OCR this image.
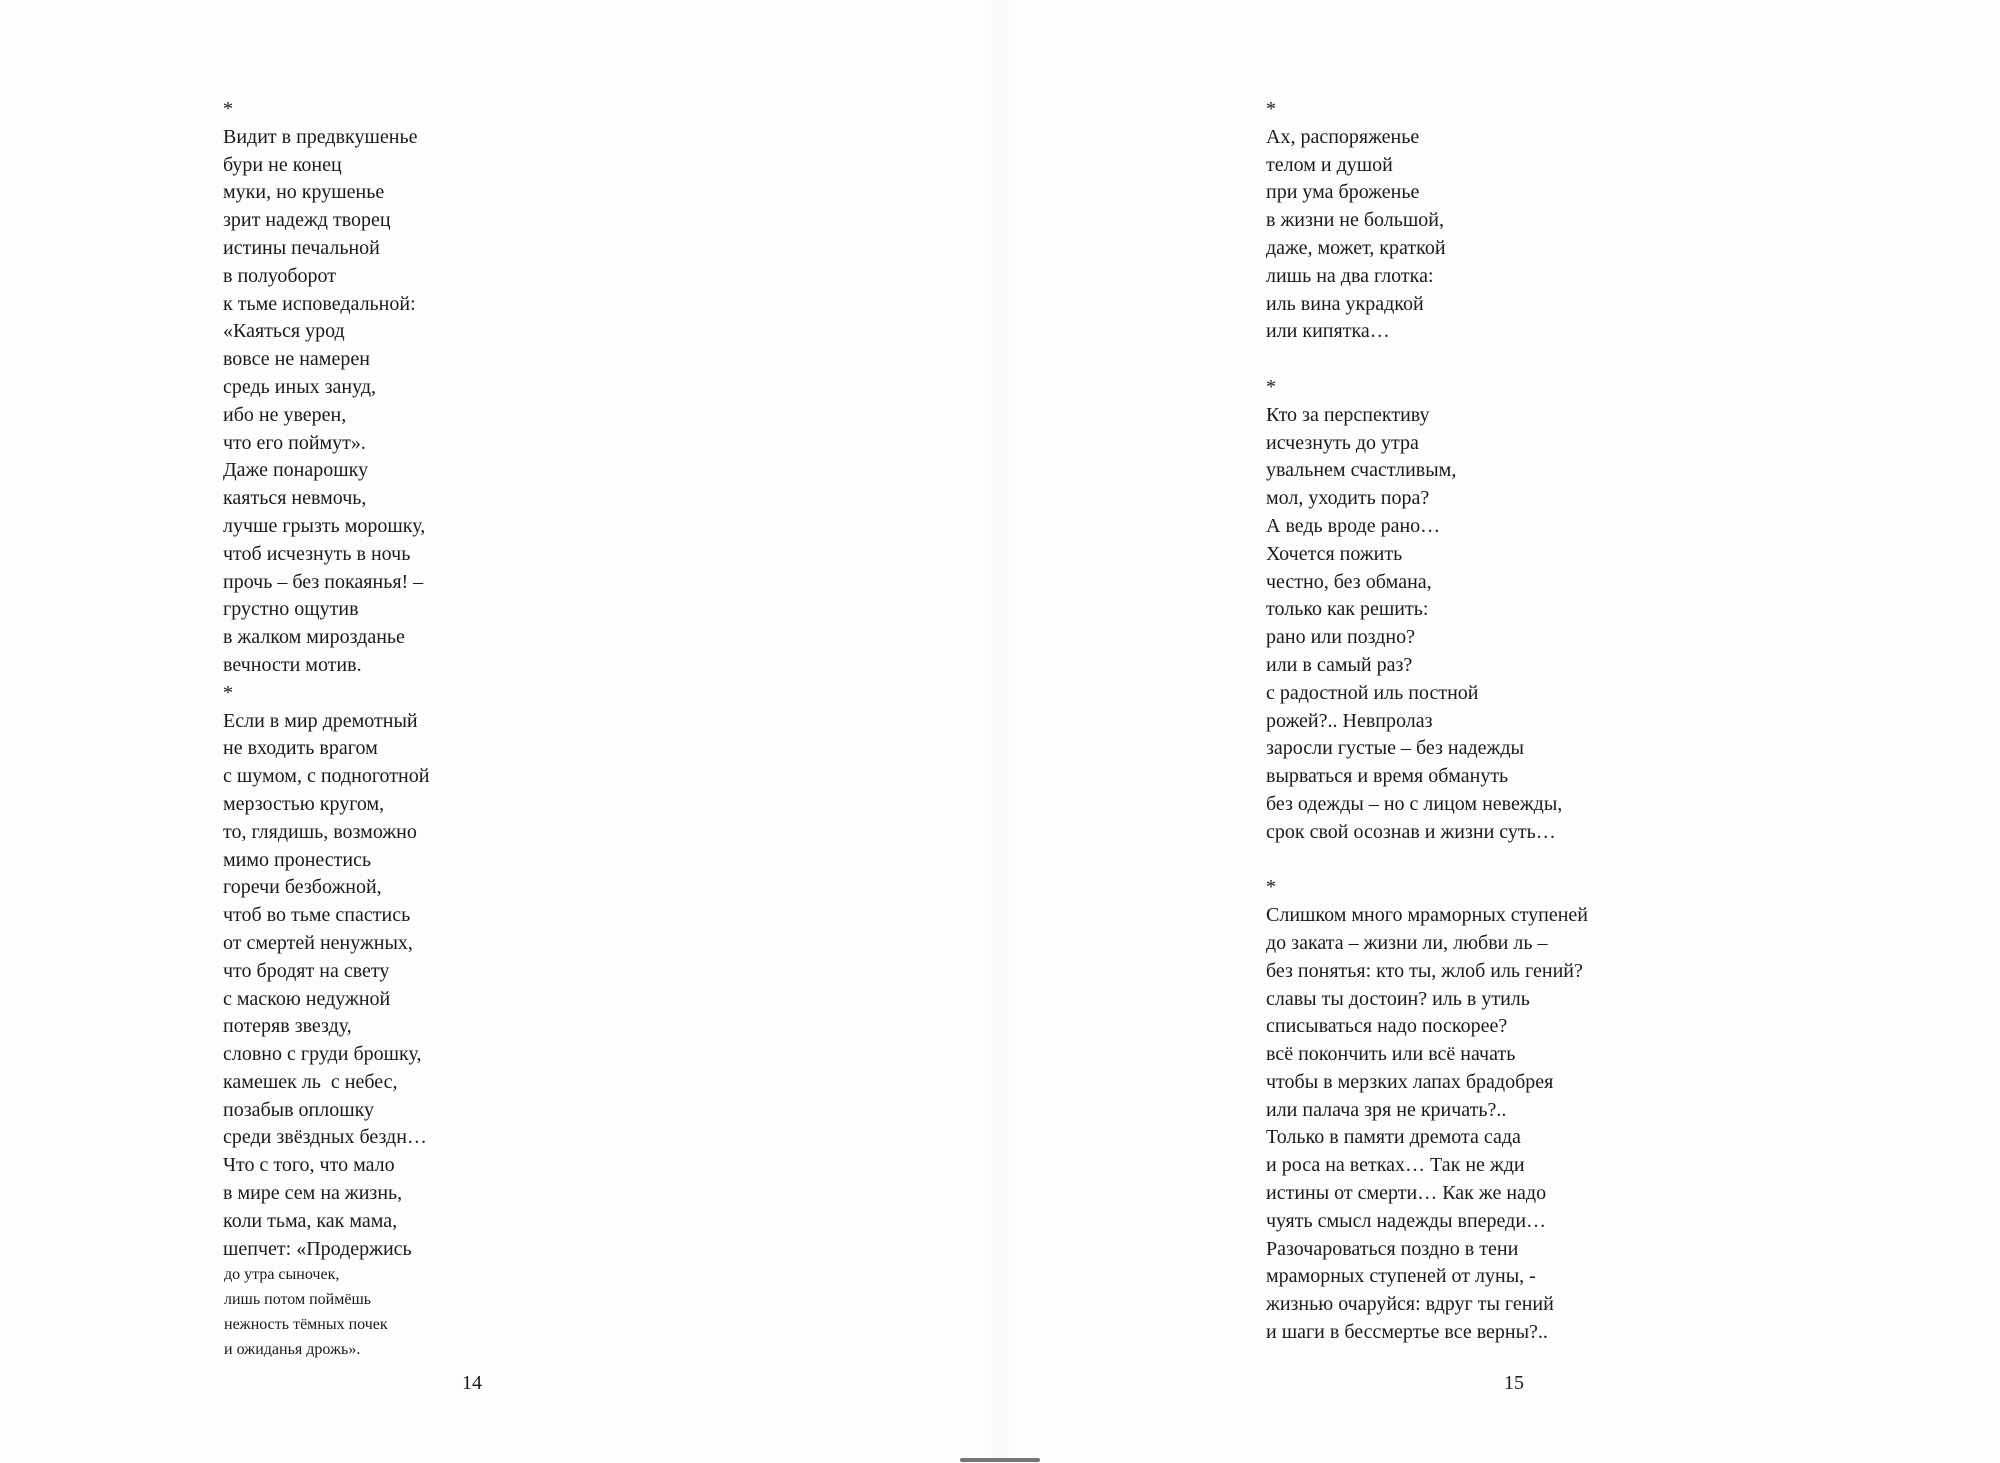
*
Видит в предвкушенье
бури не конец
муки, но крушенье
зрит надежд творец
истины печальной
в полуоборот
к тьме исповедальной:
«Каяться урод
вовсе не намерен
средь иных зануд,
ибо не уверен,
что его поймут».
Даже понарошку
каяться невмочь,
лучше грызть морошку,
чтоб исчезнуть в ночь
прочь – без покаянья! –
грустно ощутив
в жалком мирозданье
вечности мотив.
*
Если в мир дремотный
не входить врагом
с шумом, с подноготной
мерзостью кругом,
то, глядишь, возможно
мимо пронестись
горечи безбожной,
чтоб во тьме спастись
от смертей ненужных,
что бродят на свету
с маскою недужной
потеряв звезду,
словно с груди брошку,
камешек ль  с небес,
позабыв оплошку
среди звёздных бездн…
Что с того, что мало
в мире сем на жизнь,
коли тьма, как мама,
шепчет: «Продержись
до утра сыночек,
лишь потом поймёшь
нежность тёмных почек
и ожиданья дрожь».
14
*
Ах, распоряженье
телом и душой
при ума броженье
в жизни не большой,
даже, может, краткой
лишь на два глотка:
иль вина украдкой
или кипятка…

*
Кто за перспективу
исчезнуть до утра
увальнем счастливым,
мол, уходить пора?
А ведь вроде рано…
Хочется пожить
честно, без обмана,
только как решить:
рано или поздно?
или в самый раз?
с радостной иль постной
рожей?.. Невпролаз
заросли густые – без надежды
вырваться и время обмануть
без одежды – но с лицом невежды,
срок свой осознав и жизни суть…

*
Слишком много мраморных ступеней
до заката – жизни ли, любви ль –
без понятья: кто ты, жлоб иль гений?
славы ты достоин? иль в утиль
списываться надо поскорее?
всё покончить или всё начать
чтобы в мерзких лапах брадобрея
или палача зря не кричать?..
Только в памяти дремота сада
и роса на ветках… Так не жди
истины от смерти… Как же надо
чуять смысл надежды впереди…
Разочароваться поздно в тени
мраморных ступеней от луны, -
жизнью очаруйся: вдруг ты гений
и шаги в бессмертье все верны?..
15
